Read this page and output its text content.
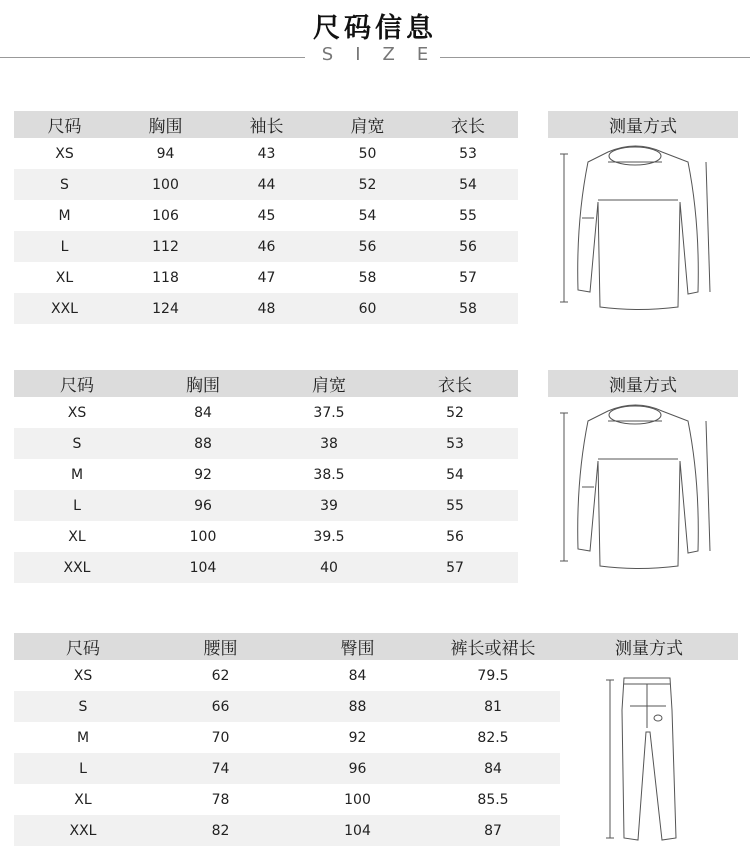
尺码信息
SIZE
尺码	胸围	袖长	肩宽	衣长	测量方式
XS	94	43	50	53
S	100	44	52	54
M	106	45	54	55
L	112	46	56	56
XL	118	47	58	57
XXL	124	48	60	58
尺码	胸围	肩宽	衣长	测量方式
XS	84	37.5	52
S	88	38	53
M	92	38.5	54
L	96	39	55
XL	100	39.5	56
XXL	104	40	57
尺码	腰围	臀围	裤长或裙长	测量方式
XS	62	84	79.5
S	66	88	81
M	70	92	82.5
L	74	96	84
XL	78	100	85.5
XXL	82	104	87
